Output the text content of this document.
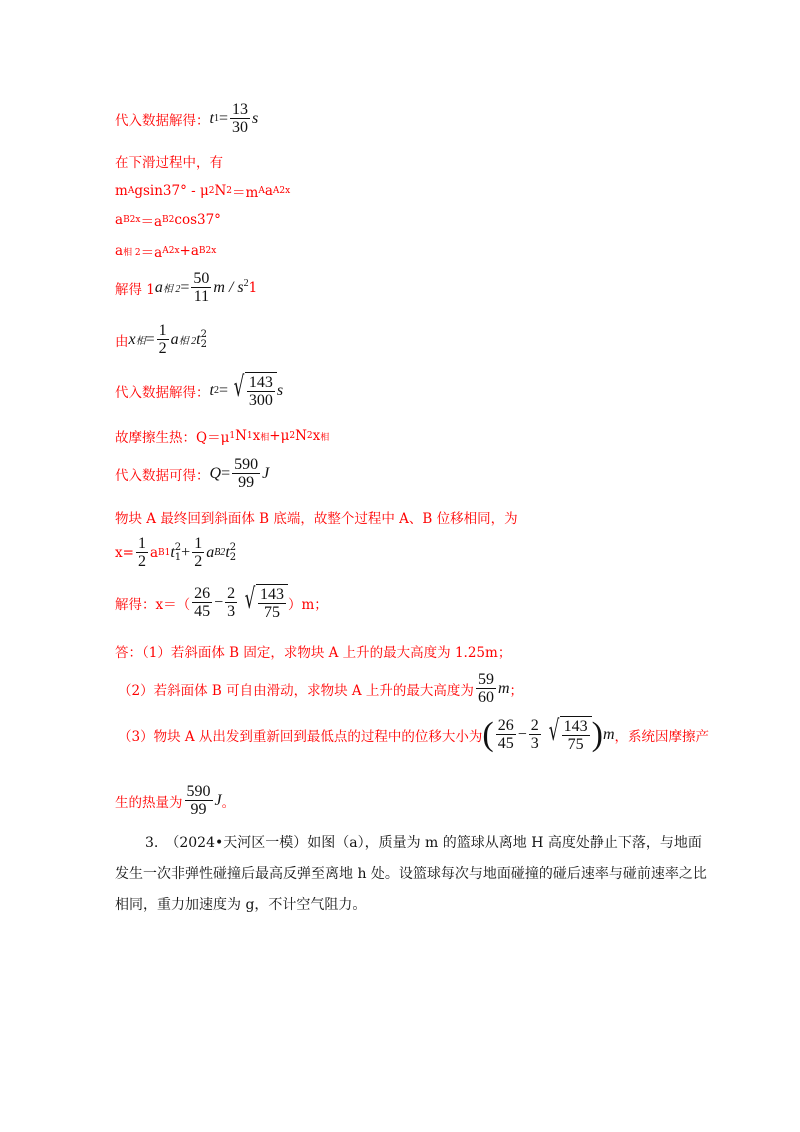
代入数据解得： t $1 = \frac{13}{30}$ s
在下滑过程中，有
m A gsin37° - μ 2 N 2 ＝m A a A2x
a B2x ＝a B2 cos37°
a 相 2 ＝a A2x +a B2x
解得 1 a 相 $2 = \frac{50}{11}$ m / $s^2$ 1
由 x 相 = $\frac{1}{2}$ a 相 2 t 2
2
代入数据解得： t 2 = √ $\frac{143}{300}$ s
故摩擦生热：Q＝μ 1 N 1 x 相 +μ 2 N 2 x 相
代入数据可得： $Q = \frac{590}{99}$ J
物块 A 最终回到斜面体 B 底端，故整个过程中 A、B 位移相同，为
$x= \frac{1}{2}$ a B1 t 2
$1 + \frac{1}{2}$ a B2 t 2
2
解得：$x=( \frac{26}{45} - \frac{2}{3}$ √ $\frac{143}{75} )m$；
答：（1）若斜面体 B 固定，求物块 A 上升的最大高度为 1.25m；
（2）若斜面体 B 可自由滑动，求物块 A 上升的最大高度为 $\frac{59}{60}$ m ；
（3）物块 A 从出发到重新回到最低点的过程中的位移大小为 ( $\frac{26}{45} - \frac{2}{3}$ √ $\frac{143}{75}$ ) m ，系统因摩擦产
生的热量为 $\frac{590}{99}$ J 。
3.　（2024•天河区一模）如图（a），质量为 m 的篮球从离地 H 高度处静止下落，与地面发生一次非弹性碰撞后最高反弹至离地 h 处。设篮球每次与地面碰撞的碰后速率与碰前速率之比相同，重力加速度为 g，不计空气阻力。
